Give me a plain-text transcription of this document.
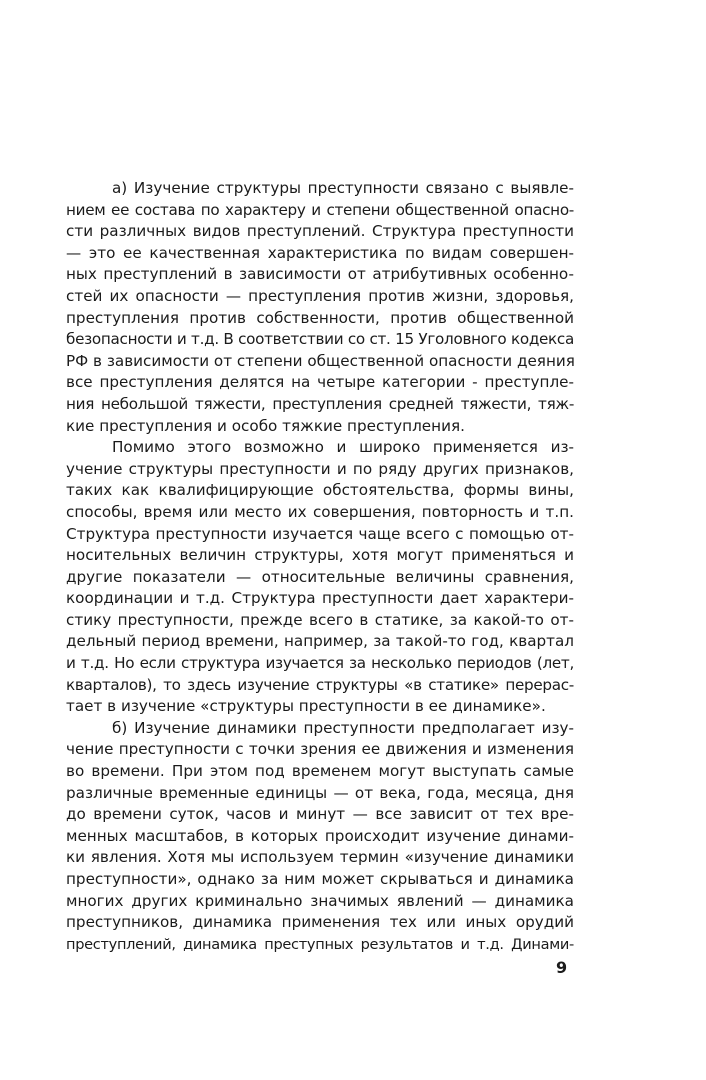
а) Изучение структуры преступности связано с выявле-
нием ее состава по характеру и степени общественной опасно-
сти различных видов преступлений. Структура преступности
— это ее качественная характеристика по видам совершен-
ных преступлений в зависимости от атрибутивных особеннo-
стей их опасности — преступления против жизни, здоровья,
преступления против собственности, против общественной
безопасности и т.д. В соответствии со ст. 15 Уголовного кодекса
РФ в зависимости от степени общественной опасности деяния
все преступления делятся на четыре категории - преступле-
ния небольшой тяжести, преступления средней тяжести, тяж-
кие преступления и особо тяжкие преступления.
Помимо этого возможно и широко применяется из-
учение структуры преступности и по ряду других признаков,
таких как квалифицирующие обстоятельства, формы вины,
способы, время или место их совершения, повторность и т.п.
Структура преступности изучается чаще всего с помощью от-
носительных величин структуры, хотя могут применяться и
другие показатели — относительные величины сравнения,
координации и т.д. Структура преступности дает характери-
стику преступности, прежде всего в статике, за какой-то от-
дельный период времени, например, за такой-то год, квартал
и т.д. Но если структура изучается за несколько периодов (лет,
кварталов), то здесь изучение структуры «в статике» перерас-
тает в изучение «структуры преступности в ее динамике».
б) Изучение динамики преступности предполагает изу-
чение преступности с точки зрения ее движения и изменения
во времени. При этом под временем могут выступать самые
различные временные единицы — от века, года, месяца, дня
до времени суток, часов и минут — все зависит от тех вре-
менных масштабов, в которых происходит изучение динами-
ки явления. Хотя мы используем термин «изучение динамики
преступности», однако за ним может скрываться и динамика
многих других криминально значимых явлений — динамика
преступников, динамика применения тех или иных орудий
преступлений, динамика преступных результатов и т.д. Динами-
9
